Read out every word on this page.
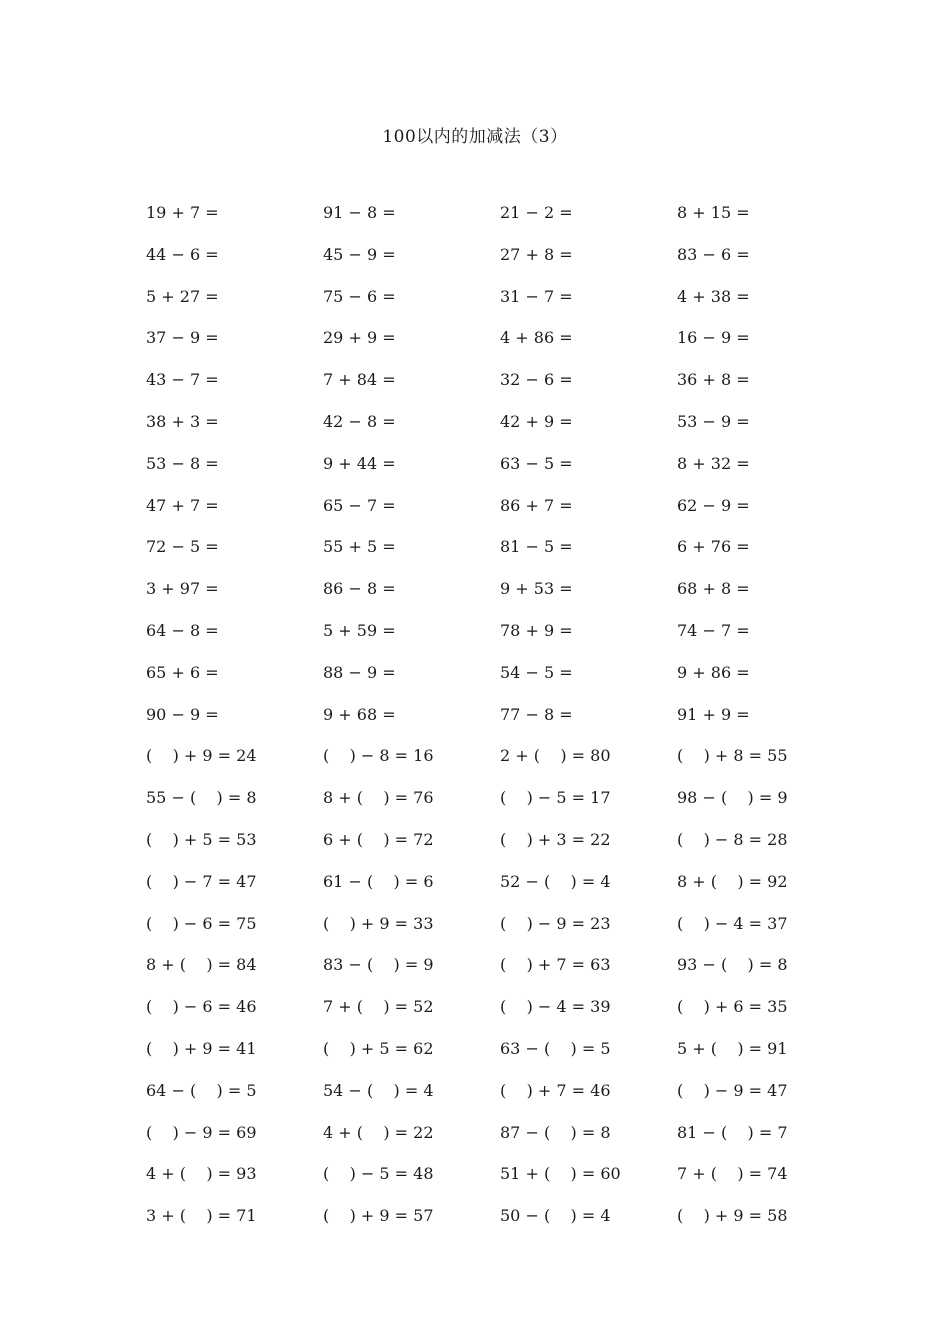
100以内的加减法（3）
19 + 7 =	91 − 8 =	21 − 2 =	8 + 15 =
44 − 6 =	45 − 9 =	27 + 8 =	83 − 6 =
5 + 27 =	75 − 6 =	31 − 7 =	4 + 38 =
37 − 9 =	29 + 9 =	4 + 86 =	16 − 9 =
43 − 7 =	7 + 84 =	32 − 6 =	36 + 8 =
38 + 3 =	42 − 8 =	42 + 9 =	53 − 9 =
53 − 8 =	9 + 44 =	63 − 5 =	8 + 32 =
47 + 7 =	65 − 7 =	86 + 7 =	62 − 9 =
72 − 5 =	55 + 5 =	81 − 5 =	6 + 76 =
3 + 97 =	86 − 8 =	9 + 53 =	68 + 8 =
64 − 8 =	5 + 59 =	78 + 9 =	74 − 7 =
65 + 6 =	88 − 9 =	54 − 5 =	9 + 86 =
90 − 9 =	9 + 68 =	77 − 8 =	91 + 9 =
(    ) + 9 = 24	(    ) − 8 = 16	2 + (    ) = 80	(    ) + 8 = 55
55 − (    ) = 8	8 + (    ) = 76	(    ) − 5 = 17	98 − (    ) = 9
(    ) + 5 = 53	6 + (    ) = 72	(    ) + 3 = 22	(    ) − 8 = 28
(    ) − 7 = 47	61 − (    ) = 6	52 − (    ) = 4	8 + (    ) = 92
(    ) − 6 = 75	(    ) + 9 = 33	(    ) − 9 = 23	(    ) − 4 = 37
8 + (    ) = 84	83 − (    ) = 9	(    ) + 7 = 63	93 − (    ) = 8
(    ) − 6 = 46	7 + (    ) = 52	(    ) − 4 = 39	(    ) + 6 = 35
(    ) + 9 = 41	(    ) + 5 = 62	63 − (    ) = 5	5 + (    ) = 91
64 − (    ) = 5	54 − (    ) = 4	(    ) + 7 = 46	(    ) − 9 = 47
(    ) − 9 = 69	4 + (    ) = 22	87 − (    ) = 8	81 − (    ) = 7
4 + (    ) = 93	(    ) − 5 = 48	51 + (    ) = 60	7 + (    ) = 74
3 + (    ) = 71	(    ) + 9 = 57	50 − (    ) = 4	(    ) + 9 = 58
